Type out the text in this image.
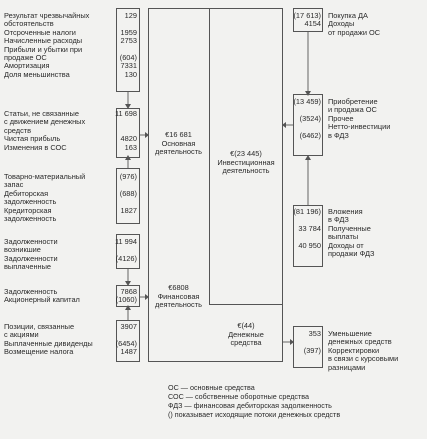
€16 681
Основная
деятельность	€(23 445)
Инвестиционная
деятельность
€6808
Финансовая
деятельность
€(44)
Денежные
средства
Результат чрезвычайных	129
обстоятельств
Отсроченные налоги	1959
Начисленные расходы	2753
Прибыли и убытки при
продаже ОС	(604)
Амортизация	7331
Доля меньшинства	130
Статьи, не связанные	11 698
с движением денежных
средств
Чистая прибыль	4820
Изменения в СОС	163
Товарно-материальный	(976)
запас
Дебиторская	(688)
задолженность
Кредиторская	1827
задолженность
Задолженности	11 994
возникшие
Задолженности	(4126)
выплаченные
Задолженность	7868
Акционерный капитал	(1060)
Позиции, связанные	3907
с акциями
Выплаченные дивиденды	(6454)
Возмещение налога	1487
(17 613) Покупка ДА
4154 Доходы
от продажи ОС
(13 459) Приобретение
и продажа ОС
(3524) Прочее
Нетто-инвестиции
(6462) в ФДЗ
(81 196) Вложения
в ФДЗ
33 784 Полученные
выплаты
40 950 Доходы от
продажи ФДЗ
353 Уменьшение
денежных средств
(397) Корректировки
в связи с курсовыми
разницами
ОС — основные средства
СОС — собственные оборотные средства
ФДЗ — финансовая дебиторская задолженность
() показывает исходящие потоки денежных средств
